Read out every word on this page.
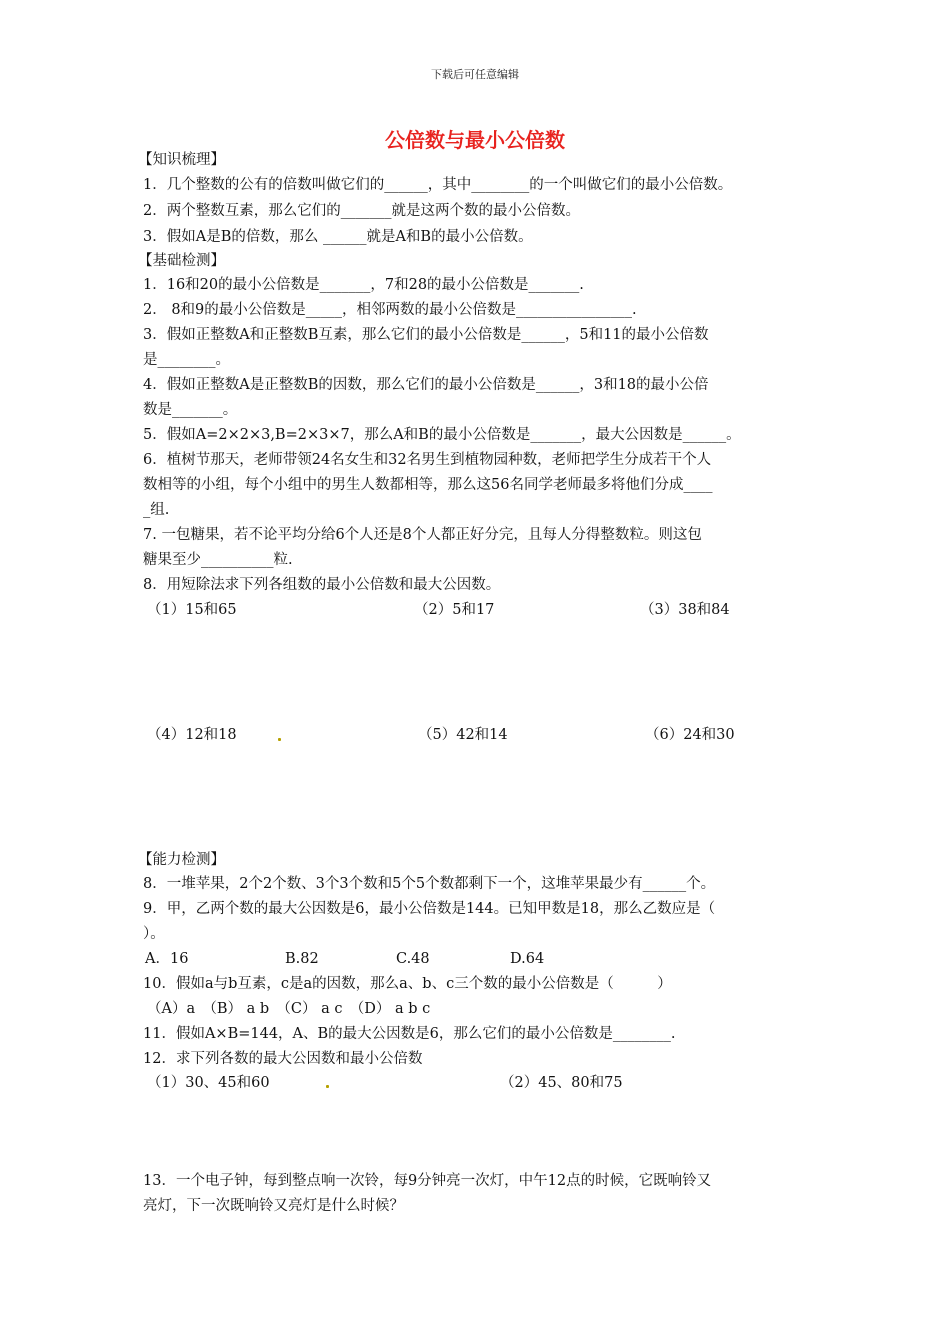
下载后可任意编辑
公倍数与最小公倍数
【知识梳理】
1．几个整数的公有的倍数叫做它们的______，其中________的一个叫做它们的最小公倍数。
2．两个整数互素，那么它们的_______就是这两个数的最小公倍数。
3．假如A是B的倍数，那么 ______就是A和B的最小公倍数。
【基础检测】
1．16和20的最小公倍数是_______，7和28的最小公倍数是_______.
2． 8和9的最小公倍数是_____，相邻两数的最小公倍数是________________.
3．假如正整数A和正整数B互素，那么它们的最小公倍数是______，5和11的最小公倍数
是________。
4．假如正整数A是正整数B的因数，那么它们的最小公倍数是______，3和18的最小公倍
数是_______。
5．假如A=2×2×3,B=2×3×7，那么A和B的最小公倍数是_______，最大公因数是______。
6．植树节那天，老师带领24名女生和32名男生到植物园种数，老师把学生分成若干个人
数相等的小组，每个小组中的男生人数都相等，那么这56名同学老师最多将他们分成____
_组.
7. 一包糖果，若不论平均分给6个人还是8个人都正好分完，且每人分得整数粒。则这包
糖果至少__________粒.
8．用短除法求下列各组数的最小公倍数和最大公因数。
（1）15和65	（2）5和17	（3）38和84
（4）12和18	（5）42和14	（6）24和30
【能力检测】
8．一堆苹果，2个2个数、3个3个数和5个5个数都剩下一个，这堆苹果最少有______个。
9．甲，乙两个数的最大公因数是6，最小公倍数是144。已知甲数是18，那么乙数应是（
）。
A．16	B.82	C.48	D.64
10．假如a与b互素，c是a的因数，那么a、b、c三个数的最小公倍数是（　　　）
（A）a　（B） a b　（C） a c　（D） a b c
11．假如A×B=144，A、B的最大公因数是6，那么它们的最小公倍数是________.
12．求下列各数的最大公因数和最小公倍数
（1）30、45和60	（2）45、80和75
13．一个电子钟，每到整点响一次铃，每9分钟亮一次灯，中午12点的时候，它既响铃又
亮灯，下一次既响铃又亮灯是什么时候？
